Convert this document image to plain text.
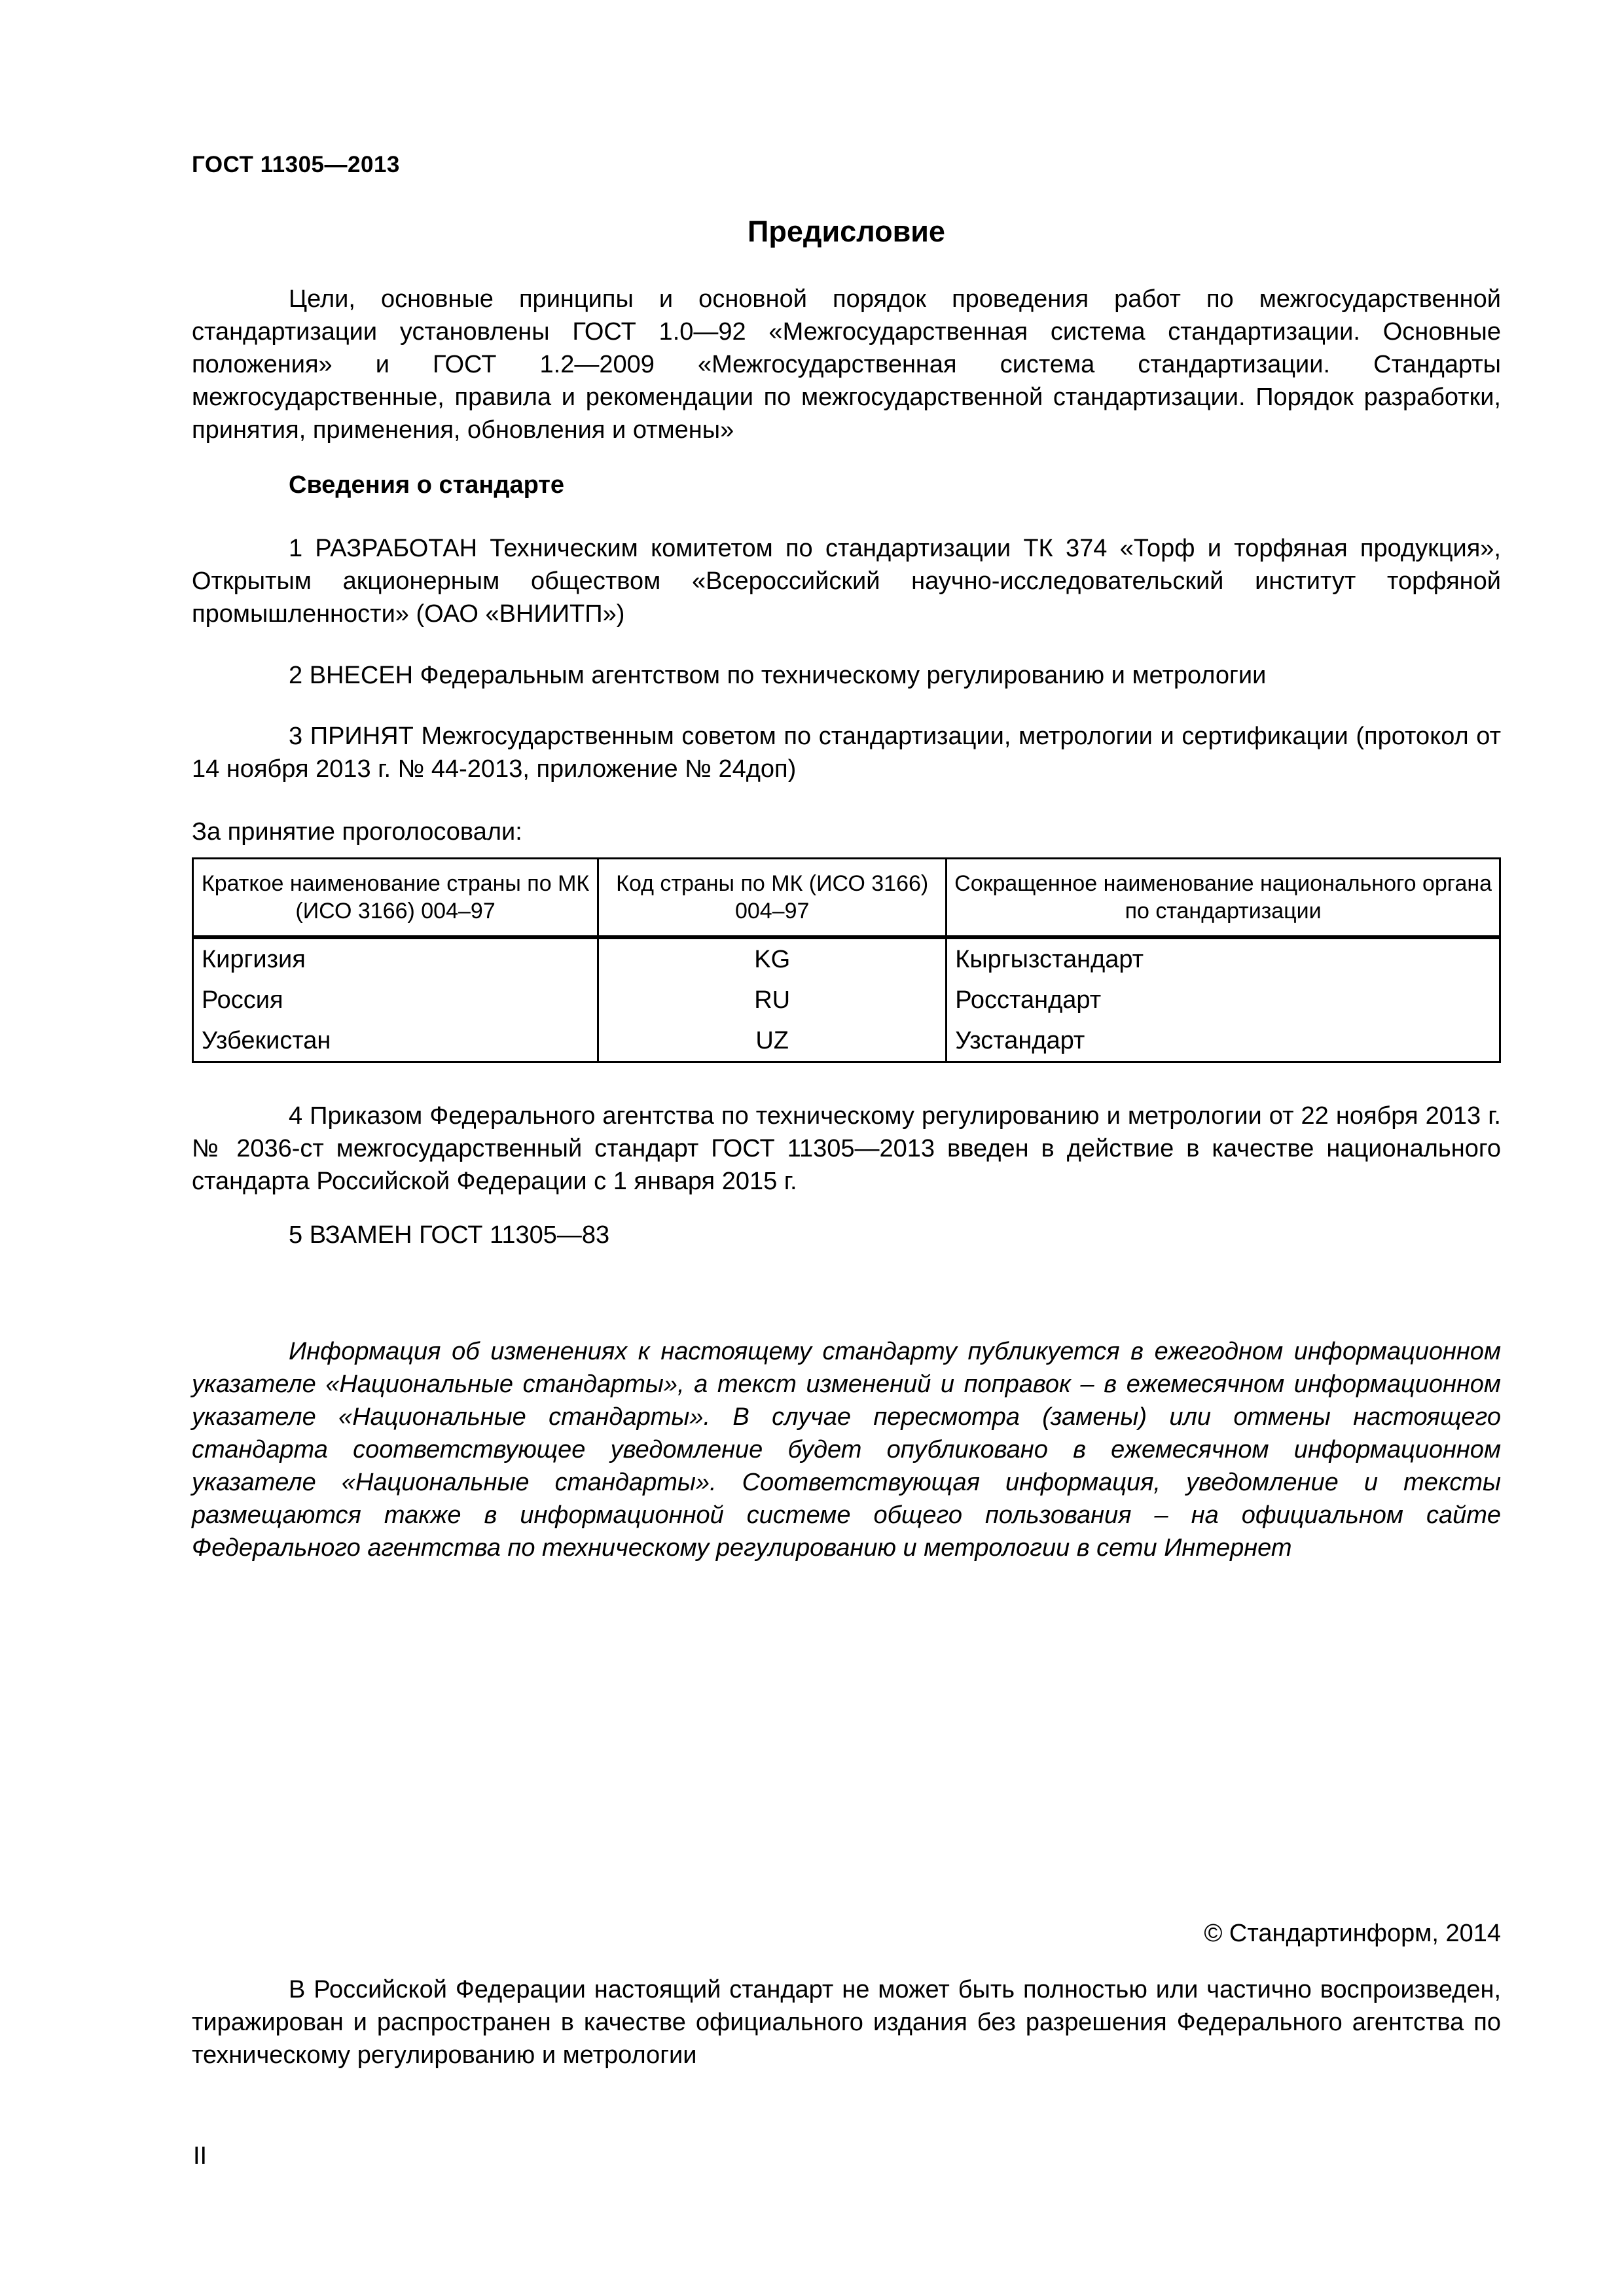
ГОСТ 11305—2013
Предисловие

Цели, основные принципы и основной порядок проведения работ по межгосударственной стандартизации установлены ГОСТ 1.0—92 «Межгосударственная система стандартизации. Основные положения» и ГОСТ 1.2—2009 «Межгосударственная система стандартизации. Стандарты межгосударственные, правила и рекомендации по межгосударственной стандартизации. Порядок разработки, принятия, применения, обновления и отмены»

Сведения о стандарте

1 РАЗРАБОТАН Техническим комитетом по стандартизации ТК 374 «Торф и торфяная продукция», Открытым акционерным обществом «Всероссийский научно-исследовательский институт торфяной промышленности» (ОАО «ВНИИТП»)

2 ВНЕСЕН Федеральным агентством по техническому регулированию и метрологии

3 ПРИНЯТ Межгосударственным советом по стандартизации, метрологии и сертификации (протокол от 14 ноября 2013 г. № 44-2013, приложение № 24доп)

За принятие проголосовали:

Краткое наименование страны по МК (ИСО 3166) 004–97	Код страны по МК (ИСО 3166) 004–97	Сокращенное наименование национального органа по стандартизации
Киргизия	KG	Кыргызстандарт
Россия	RU	Росстандарт
Узбекистан	UZ	Узстандарт

4 Приказом Федерального агентства по техническому регулированию и метрологии от 22 ноября 2013 г. № 2036-ст межгосударственный стандарт ГОСТ 11305—2013 введен в действие в качестве национального стандарта Российской Федерации с 1 января 2015 г.

5 ВЗАМЕН ГОСТ 11305—83

Информация об изменениях к настоящему стандарту публикуется в ежегодном информационном указателе «Национальные стандарты», а текст изменений и поправок – в ежемесячном информационном указателе «Национальные стандарты». В случае пересмотра (замены) или отмены настоящего стандарта соответствующее уведомление будет опубликовано в ежемесячном информационном указателе «Национальные стандарты». Соответствующая информация, уведомление и тексты размещаются также в информационной системе общего пользования – на официальном сайте Федерального агентства по техническому регулированию и метрологии в сети Интернет

© Стандартинформ, 2014

В Российской Федерации настоящий стандарт не может быть полностью или частично воспроизведен, тиражирован и распространен в качестве официального издания без разрешения Федерального агентства по техническому регулированию и метрологии

II
